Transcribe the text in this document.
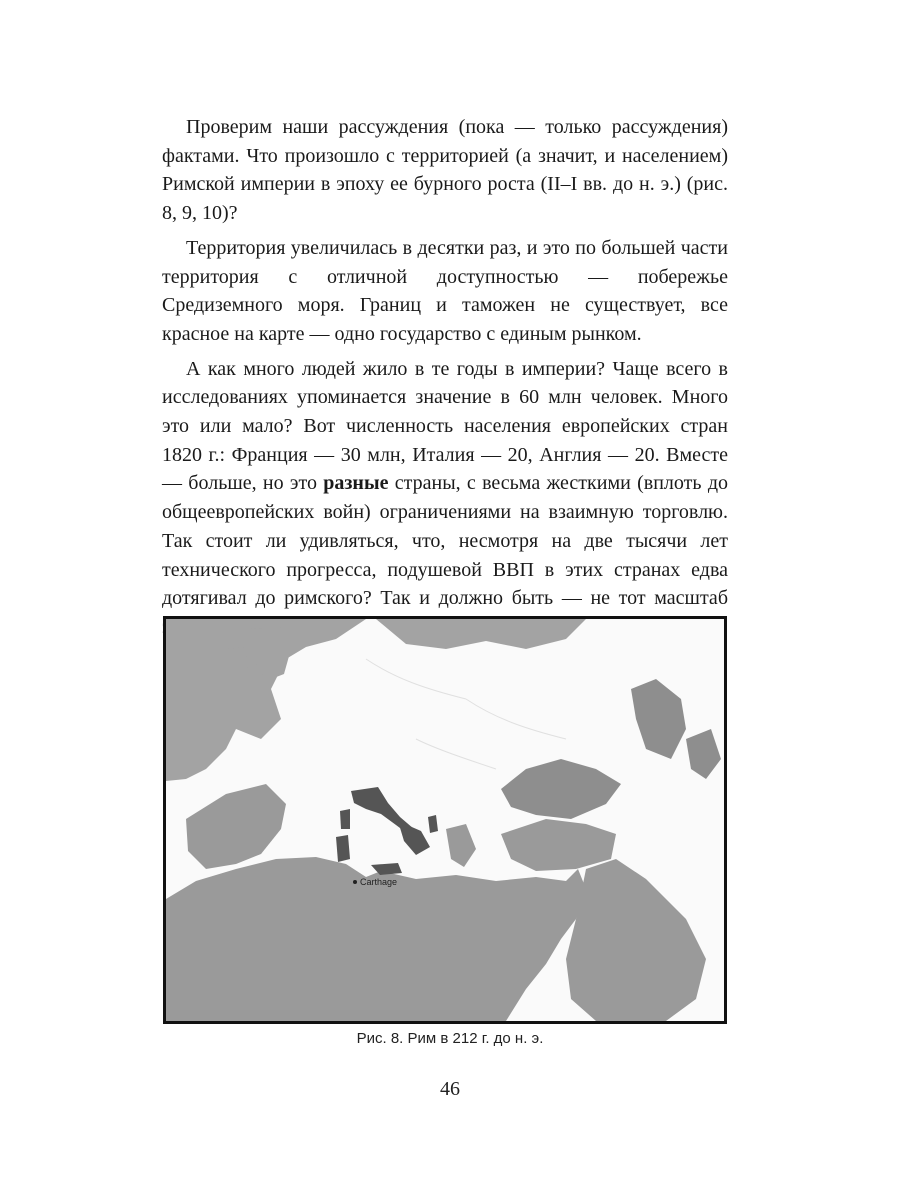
Проверим наши рассуждения (пока — только рассуждения) фактами. Что произошло с территорией (а значит, и населением) Римской империи в эпоху ее бурного роста (II–I вв. до н. э.) (рис. 8, 9, 10)?

Территория увеличилась в десятки раз, и это по большей части территория с отличной доступностью — побережье Средиземного моря. Границ и таможен не существует, все красное на карте — одно государство с единым рынком.

А как много людей жило в те годы в империи? Чаще всего в исследованиях упоминается значение в 60 млн человек. Много это или мало? Вот численность населения европейских стран 1820 г.: Франция — 30 млн, Италия — 20, Англия — 20. Вместе — больше, но это разные страны, с весьма жесткими (вплоть до общеевропейских войн) ограничениями на взаимную торговлю. Так стоит ли удивляться, что, несмотря на две тысячи лет технического прогресса, подушевой ВВП в этих странах едва дотягивал до римского? Так и должно быть — не тот масштаб

Carthage
Рис. 8. Рим в 212 г. до н. э.
46
